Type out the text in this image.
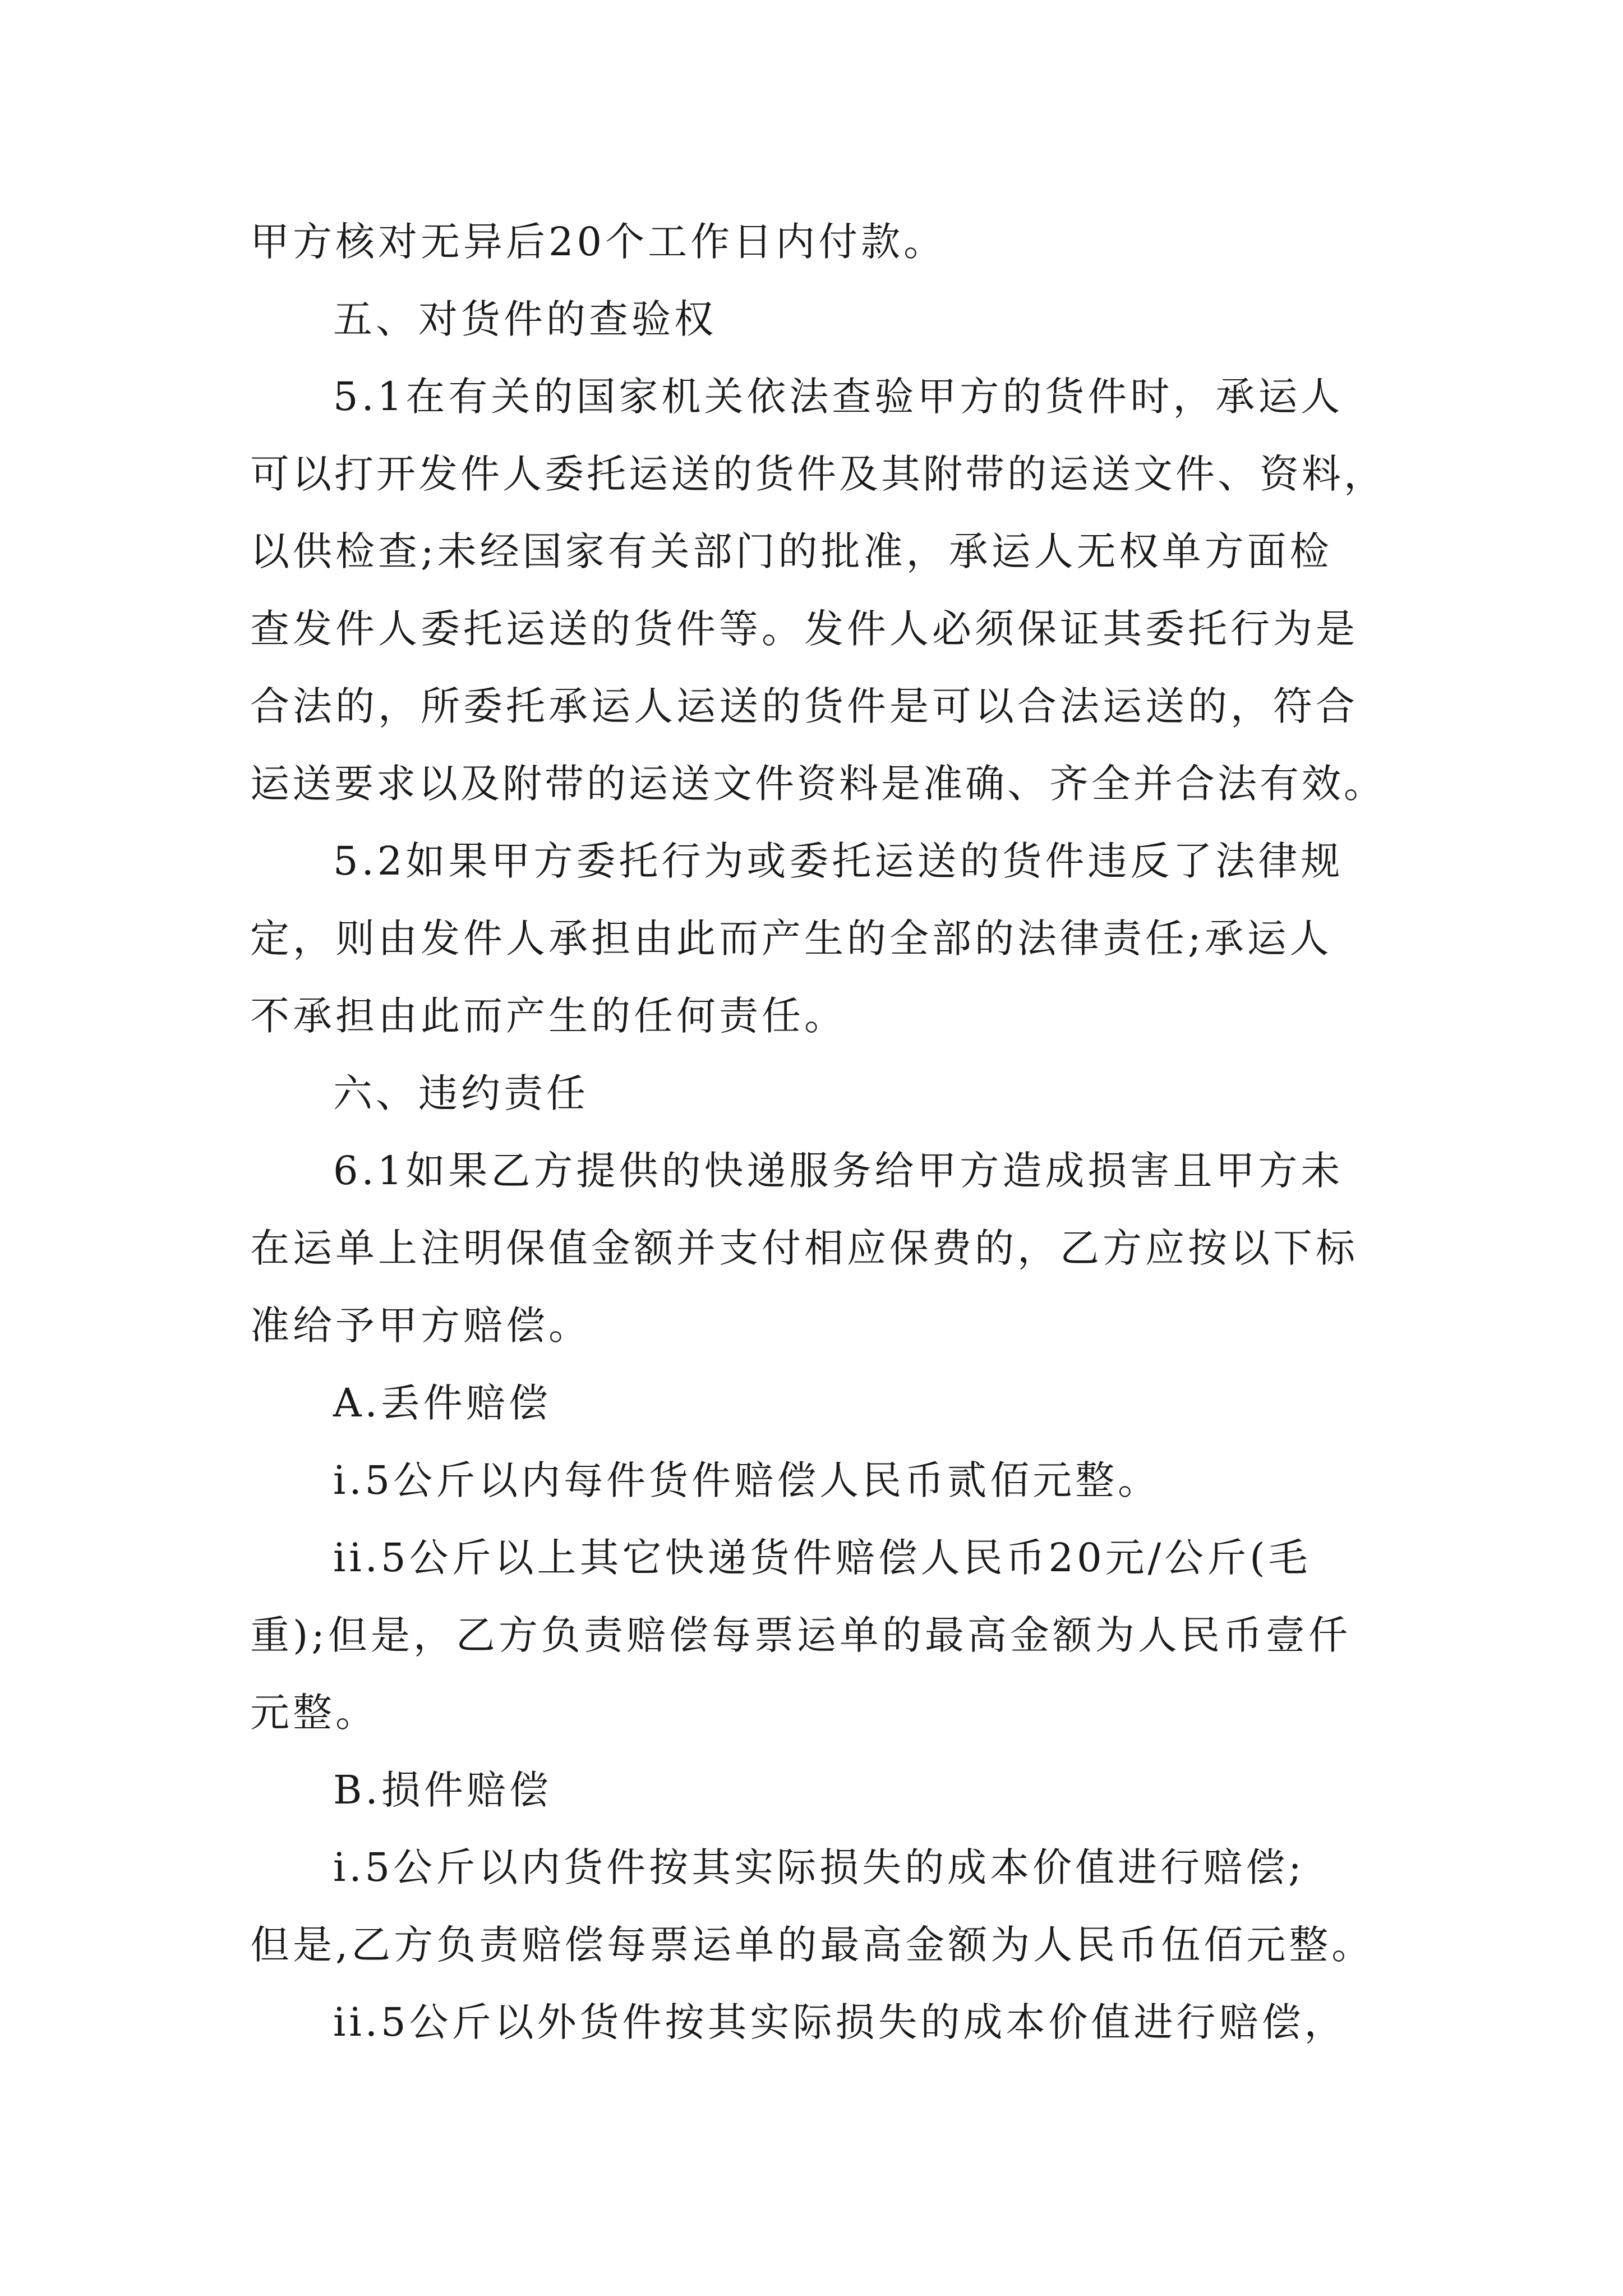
甲方核对无异后20个工作日内付款。
五、对货件的查验权
5.1在有关的国家机关依法查验甲方的货件时，承运人
可以打开发件人委托运送的货件及其附带的运送文件、资料，
以供检查;未经国家有关部门的批准，承运人无权单方面检
查发件人委托运送的货件等。发件人必须保证其委托行为是
合法的，所委托承运人运送的货件是可以合法运送的，符合
运送要求以及附带的运送文件资料是准确、齐全并合法有效。
5.2如果甲方委托行为或委托运送的货件违反了法律规
定，则由发件人承担由此而产生的全部的法律责任;承运人
不承担由此而产生的任何责任。
六、违约责任
6.1如果乙方提供的快递服务给甲方造成损害且甲方未
在运单上注明保值金额并支付相应保费的，乙方应按以下标
准给予甲方赔偿。
A.丢件赔偿
i.5公斤以内每件货件赔偿人民币贰佰元整。
ii.5公斤以上其它快递货件赔偿人民币20元/公斤(毛
重);但是，乙方负责赔偿每票运单的最高金额为人民币壹仟
元整。
B.损件赔偿
i.5公斤以内货件按其实际损失的成本价值进行赔偿;
但是,乙方负责赔偿每票运单的最高金额为人民币伍佰元整。
ii.5公斤以外货件按其实际损失的成本价值进行赔偿，
